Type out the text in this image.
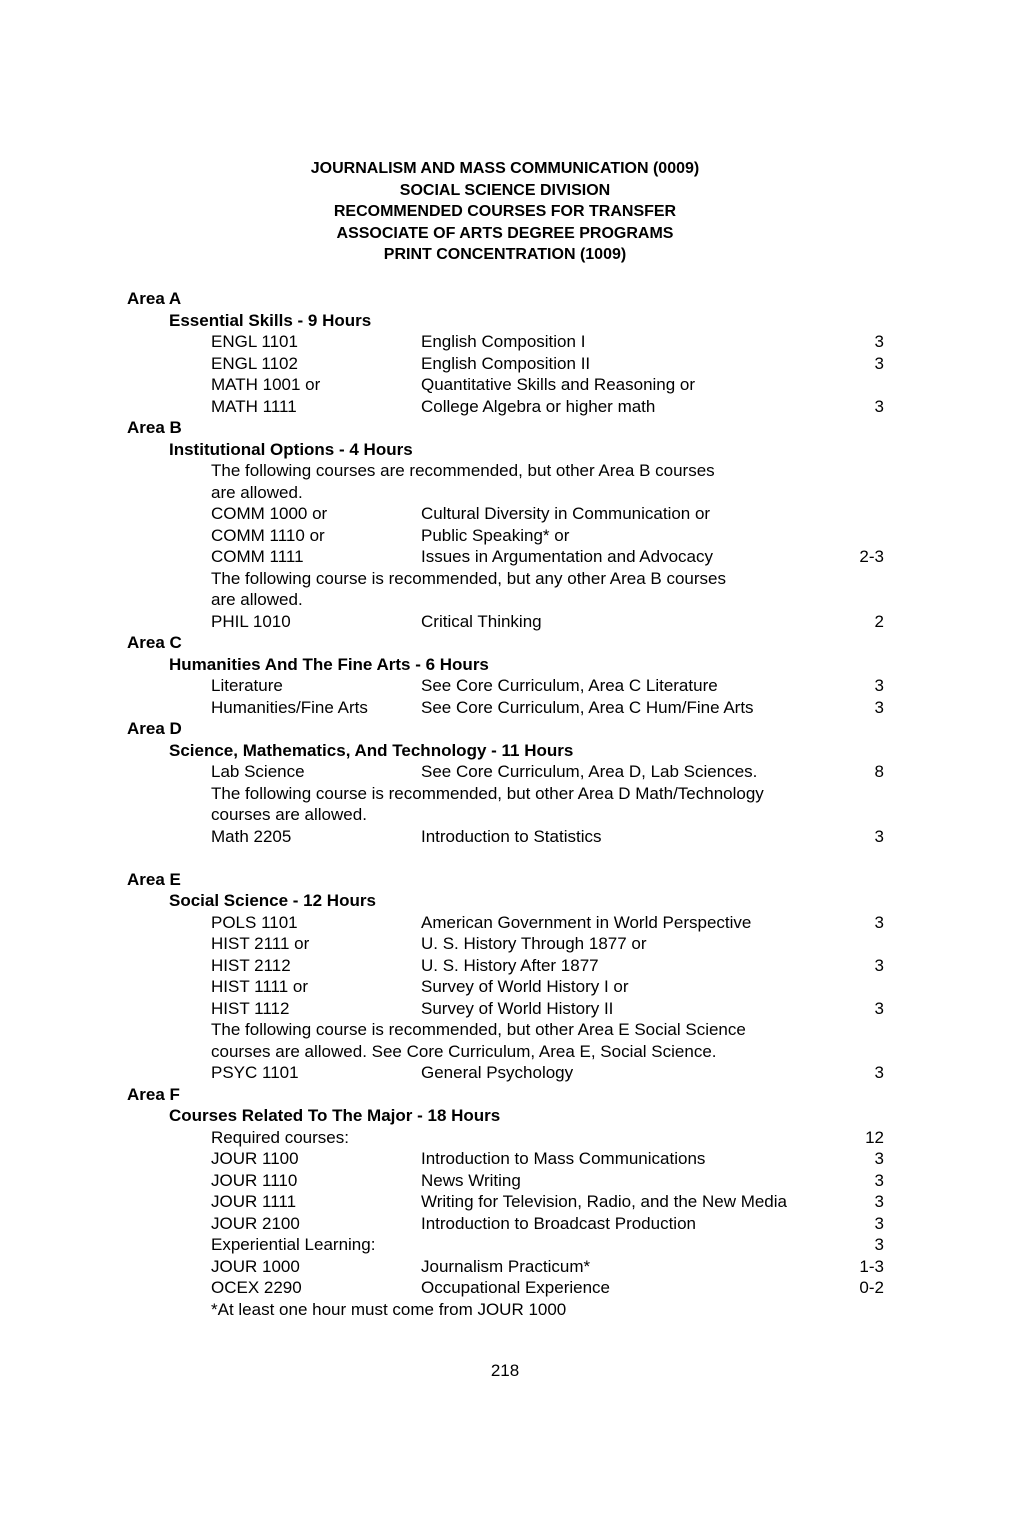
JOURNALISM AND MASS COMMUNICATION (0009)
SOCIAL SCIENCE DIVISION
RECOMMENDED COURSES FOR TRANSFER
ASSOCIATE OF ARTS DEGREE PROGRAMS
PRINT CONCENTRATION (1009)
Area A
Essential Skills - 9 Hours
ENGL 1101	English Composition I	3
ENGL 1102	English Composition II	3
MATH 1001 or	Quantitative Skills and Reasoning or
MATH 1111	College Algebra or higher math	3
Area B
Institutional Options - 4 Hours
The following courses are recommended, but other Area B courses
are allowed.
COMM 1000 or	Cultural Diversity in Communication or
COMM 1110 or	Public Speaking* or
COMM 1111	Issues in Argumentation and Advocacy	2-3
The following course is recommended, but any other Area B courses
are allowed.
PHIL 1010	Critical Thinking	2
Area C
Humanities And The Fine Arts - 6 Hours
Literature	See Core Curriculum, Area C Literature	3
Humanities/Fine Arts	See Core Curriculum, Area C Hum/Fine Arts	3
Area D
Science, Mathematics, And Technology - 11 Hours
Lab Science	See Core Curriculum, Area D, Lab Sciences.	8
The following course is recommended, but other Area D Math/Technology
courses are allowed.
Math 2205	Introduction to Statistics	3
Area E
Social Science - 12 Hours
POLS 1101	American Government in World Perspective	3
HIST 2111 or	U. S. History Through 1877 or
HIST 2112	U. S. History After 1877	3
HIST 1111 or	Survey of World History I or
HIST 1112	Survey of World History II	3
The following course is recommended, but other Area E Social Science
courses are allowed. See Core Curriculum, Area E, Social Science.
PSYC 1101	General Psychology	3
Area F
Courses Related To The Major - 18 Hours
Required courses:	12
JOUR 1100	Introduction to Mass Communications	3
JOUR 1110	News Writing	3
JOUR 1111	Writing for Television, Radio, and the New Media	3
JOUR 2100	Introduction to Broadcast Production	3
Experiential Learning:	3
JOUR 1000	Journalism Practicum*	1-3
OCEX 2290	Occupational Experience	0-2
*At least one hour must come from JOUR 1000
218
